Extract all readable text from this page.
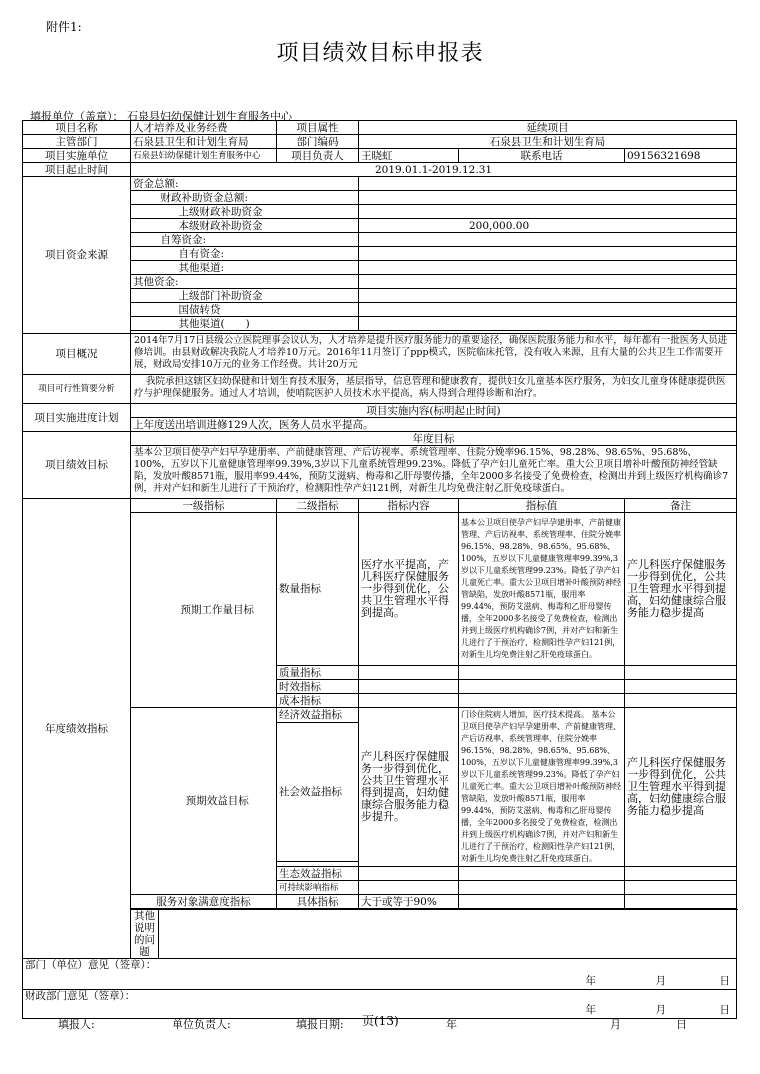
附件1:
项目绩效目标申报表
填报单位（盖章）： 石泉县妇幼保健计划生育服务中心
项目名称	人才培养及业务经费		项目属性	延续项目		
主管部门	石泉县卫生和计划生育局		部门编码	石泉县卫生和计划生育局		
项目实施单位	石泉县妇幼保健计划生育服务中心		项目负责人	王晓虹	联系电话	09156321698
项目起止时间	2019.01.1-2019.12.31					
项目资金来源	资金总额:					
		财政补助资金总额:				
		上级财政补助资金				
		本级财政补助资金		200,000.00		
		自筹资金:				
		自有资金:				
		其他渠道:				
	其他资金:					
		上级部门补助资金				
		国债转贷				
		其他渠道(　　)				

项目概况	2014年7月17日县级公立医院理事会议认为，人才培养是提升医疗服务能力的重要途径，确保医院服务能力和水平，每年都有一批医务人员进修培训。由县财政解决我院人才培养10万元。2016年11月签订了ppp模式，医院临床托管，没有收入来源，且有大量的公共卫生工作需要开 展，财政局安排10万元的业务工作经费。共计20万元					
项目可行性简要分析	我院承担这辖区妇幼保健和计划生育技术服务，基层指导，信息管理和健康教育，提供妇女儿童基本医疗服务，为妇女儿童身体健康提供医疗与护理保健服务。通过人才培训，使哨院医护人员技术水平提高，病人得到合理得诊断和治疗。					
项目实施进度计划	项目实施内容(标明起止时间)					
	上年度送出培训进修129人次，医务人员水平提高。					
项目绩效目标	年度目标					
	基本公卫项目使孕产妇早孕建册率、产前健康管理、产后访视率、系统管理率、住院分娩率96.15%、98.28%、98.65%、95.68%、100%，五岁以下儿童健康管理率99.39%,3岁以下儿童系统管理99.23%。降低了孕产妇儿童死亡率。重大公卫项目增补叶酸预防神经管缺陷，发放叶酸8571瓶，服用率99.44%，预防艾滋病、梅毒和乙肝母婴传播，全年2000多名接受了免费检查，检测出并到上级医疗机构确诊7例，并对产妇和新生儿进行了干预治疗，检测阳性孕产妇121例，对新生儿均免费注射乙肝免疫球蛋白。					
年度绩效指标	一级指标		二级指标	指标内容	指标值	备注
		预期工作量目标	数量指标	医疗水平提高，产儿科医疗保健服务一步得到优化，公共卫生管理水平得到提高。	基本公卫项目使孕产妇早孕建册率、产前健康管理、产后访视率、系统管理率、住院分娩率96.15%、98.28%、98.65%、95.68%、100%，五岁以下儿童健康管理率99.39%,3岁以下儿童系统管理99.23%。降低了孕产妇儿童死亡率。重大公卫项目增补叶酸预防神经管缺陷，发放叶酸8571瓶，服用率99.44%，预防艾滋病、梅毒和乙肝母婴传播，全年2000多名接受了免费检查，检测出并到上级医疗机构确诊7例，并对产妇和新生儿进行了干预治疗，检测阳性孕产妇121例，对新生儿均免费注射乙肝免疫球蛋白。	产儿科医疗保健服务一步得到优化，公共卫生管理水平得到提高，妇幼健康综合服务能力稳步提高
			质量指标			
			时效指标			
			成本指标			
		预期效益目标	经济效益指标	产儿科医疗保健服务一步得到优化，公共卫生管理水平得到提高，妇幼健康综合服务能力稳步提升。	门诊住院病人增加，医疗技术提高。 基本公卫项目使孕产妇早孕建册率、产前健康管理、产后访视率、系统管理率、住院分娩率96.15%、98.28%、98.65%、95.68%、100%，五岁以下儿童健康管理率99.39%,3岁以下儿童系统管理99.23%。降低了孕产妇儿童死亡率。重大公卫项目增补叶酸预防神经管缺陷，发放叶酸8571瓶，服用率99.44%，预防艾滋病、梅毒和乙肝母婴传播，全年2000多名接受了免费检查，检测出并到上级医疗机构确诊7例，并对产妇和新生儿进行了干预治疗，检测阳性孕产妇121例，对新生儿均免费注射乙肝免疫球蛋白。	产儿科医疗保健服务一步得到优化，公共卫生管理水平得到提高，妇幼健康综合服务能力稳步提高
			社会效益指标			

			生态效益指标			
			可持续影响指标			
	服务对象满意度指标		具体指标	大于或等于90%		

	其他说明的问题					
部门（单位）意见（签章）：
年 月 日						

财政部门意见（签章）：
年 月 日						
填报人:	单位负责人:	填报日期: 页(13)	年	月	日
